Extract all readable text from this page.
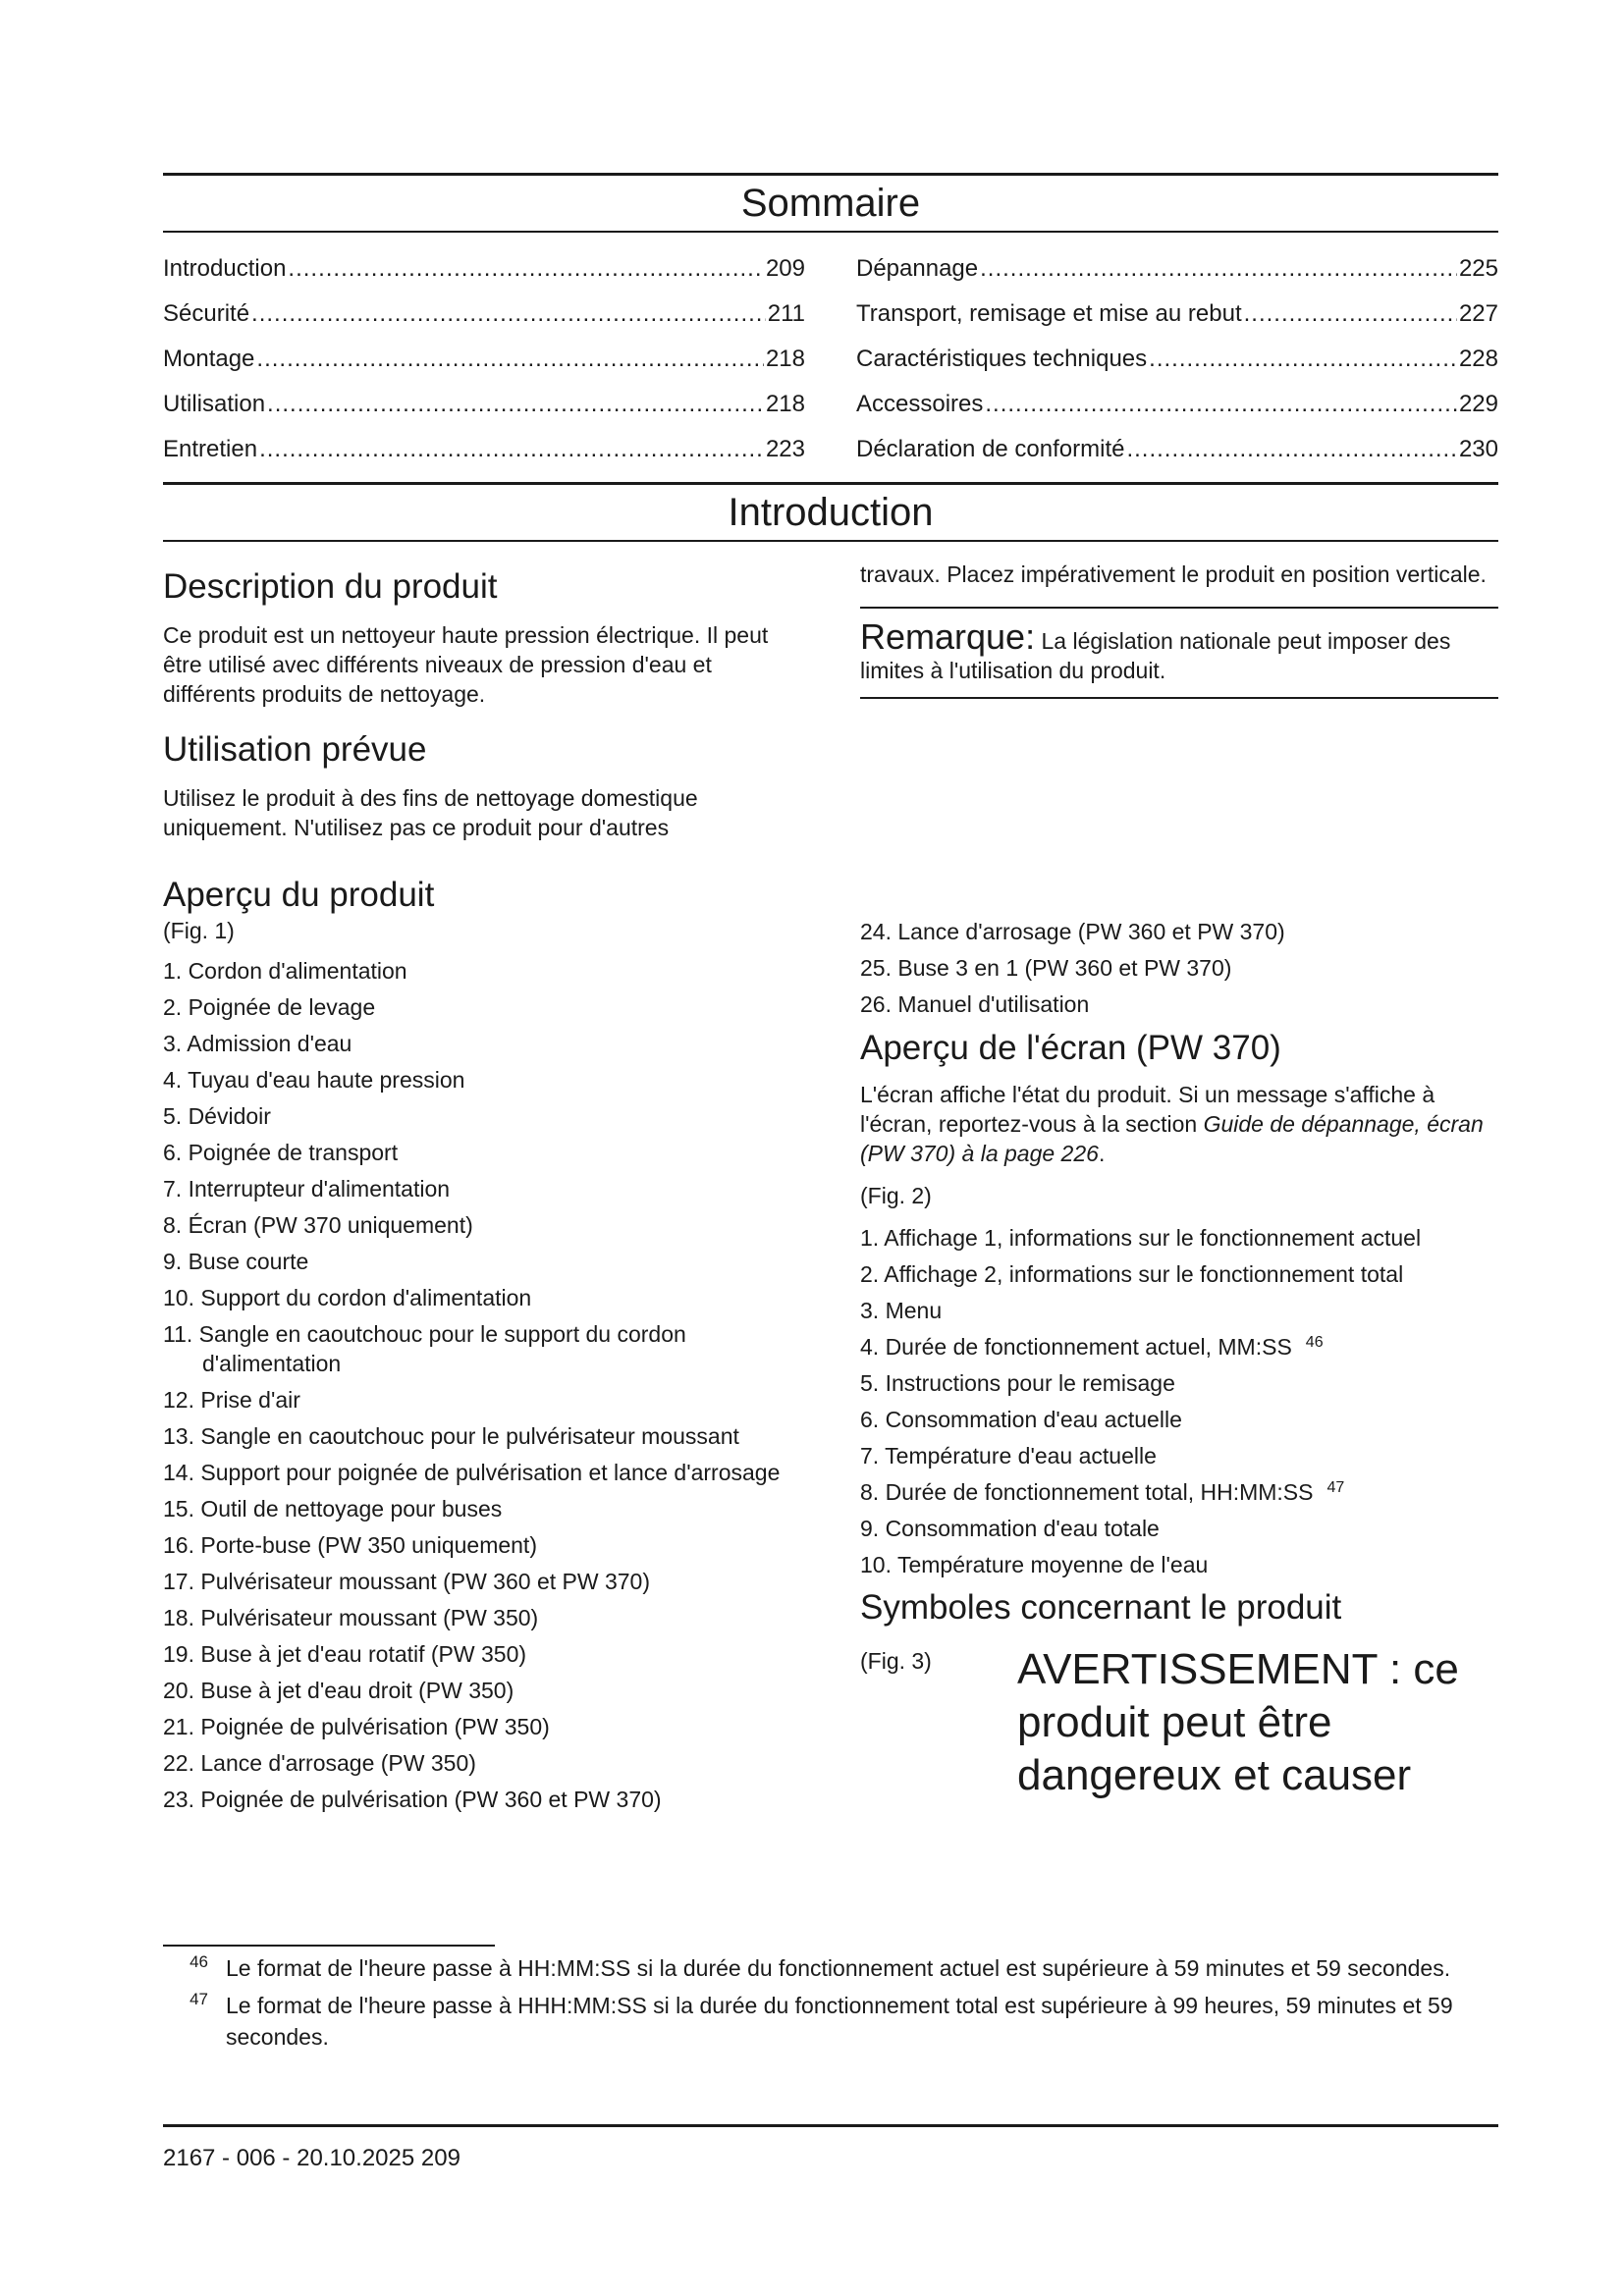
Sommaire
Introduction .....	209
Sécurité .....	211
Montage .....	218
Utilisation .....	218
Entretien .....	223
Dépannage .....	225
Transport, remisage et mise au rebut .....	227
Caractéristiques techniques .....	228
Accessoires .....	229
Déclaration de conformité .....	230
Introduction
Description du produit

Ce produit est un nettoyeur haute pression électrique. Il peut être utilisé avec différents niveaux de pression d'eau et différents produits de nettoyage.

Utilisation prévue

Utilisez le produit à des fins de nettoyage domestique uniquement. N'utilisez pas ce produit pour d'autres

travaux. Placez impérativement le produit en position verticale.

Remarque: La législation nationale peut imposer des limites à l'utilisation du produit.

Aperçu du produit
(Fig. 1)
1. Cordon d'alimentation
2. Poignée de levage
3. Admission d'eau
4. Tuyau d'eau haute pression
5. Dévidoir
6. Poignée de transport
7. Interrupteur d'alimentation
8. Écran (PW 370 uniquement)
9. Buse courte
10. Support du cordon d'alimentation
11. Sangle en caoutchouc pour le support du cordon d'alimentation
12. Prise d'air
13. Sangle en caoutchouc pour le pulvérisateur moussant
14. Support pour poignée de pulvérisation et lance d'arrosage
15. Outil de nettoyage pour buses
16. Porte-buse (PW 350 uniquement)
17. Pulvérisateur moussant (PW 360 et PW 370)
18. Pulvérisateur moussant (PW 350)
19. Buse à jet d'eau rotatif (PW 350)
20. Buse à jet d'eau droit (PW 350)
21. Poignée de pulvérisation (PW 350)
22. Lance d'arrosage (PW 350)
23. Poignée de pulvérisation (PW 360 et PW 370)
24. Lance d'arrosage (PW 360 et PW 370)
25. Buse 3 en 1 (PW 360 et PW 370)
26. Manuel d'utilisation
Aperçu de l'écran (PW 370)

L'écran affiche l'état du produit. Si un message s'affiche à l'écran, reportez-vous à la section Guide de dépannage, écran (PW 370) à la page 226.

(Fig. 2)
1. Affichage 1, informations sur le fonctionnement actuel
2. Affichage 2, informations sur le fonctionnement total
3. Menu
4. Durée de fonctionnement actuel, MM:SS $^{46}$
5. Instructions pour le remisage
6. Consommation d'eau actuelle
7. Température d'eau actuelle
8. Durée de fonctionnement total, HH:MM:SS $^{47}$
9. Consommation d'eau totale
10. Température moyenne de l'eau
Symboles concernant le produit
(Fig. 3)	AVERTISSEMENT : ce produit peut être dangereux et causer
46 Le format de l'heure passe à HH:MM:SS si la durée du fonctionnement actuel est supérieure à 59 minutes et 59 secondes.
47 Le format de l'heure passe à HHH:MM:SS si la durée du fonctionnement total est supérieure à 99 heures, 59 minutes et 59 secondes.
2167 - 006 - 20.10.2025 209
